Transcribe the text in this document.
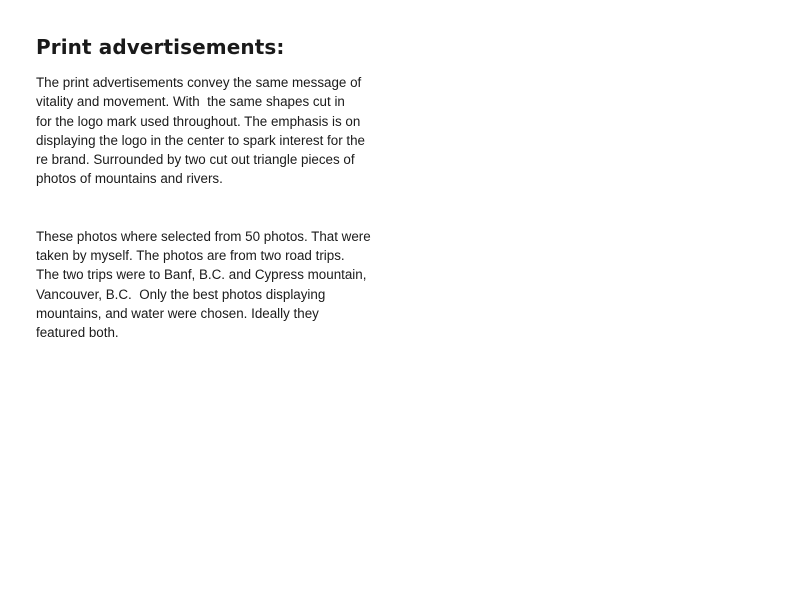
Print advertisements:

The print advertisements convey the same message of
vitality and movement. With  the same shapes cut in
for the logo mark used throughout. The emphasis is on
displaying the logo in the center to spark interest for the
re brand. Surrounded by two cut out triangle pieces of
photos of mountains and rivers.

These photos where selected from 50 photos. That were
taken by myself. The photos are from two road trips.
The two trips were to Banf, B.C. and Cypress mountain,
Vancouver, B.C.  Only the best photos displaying
mountains, and water were chosen. Ideally they
featured both.
